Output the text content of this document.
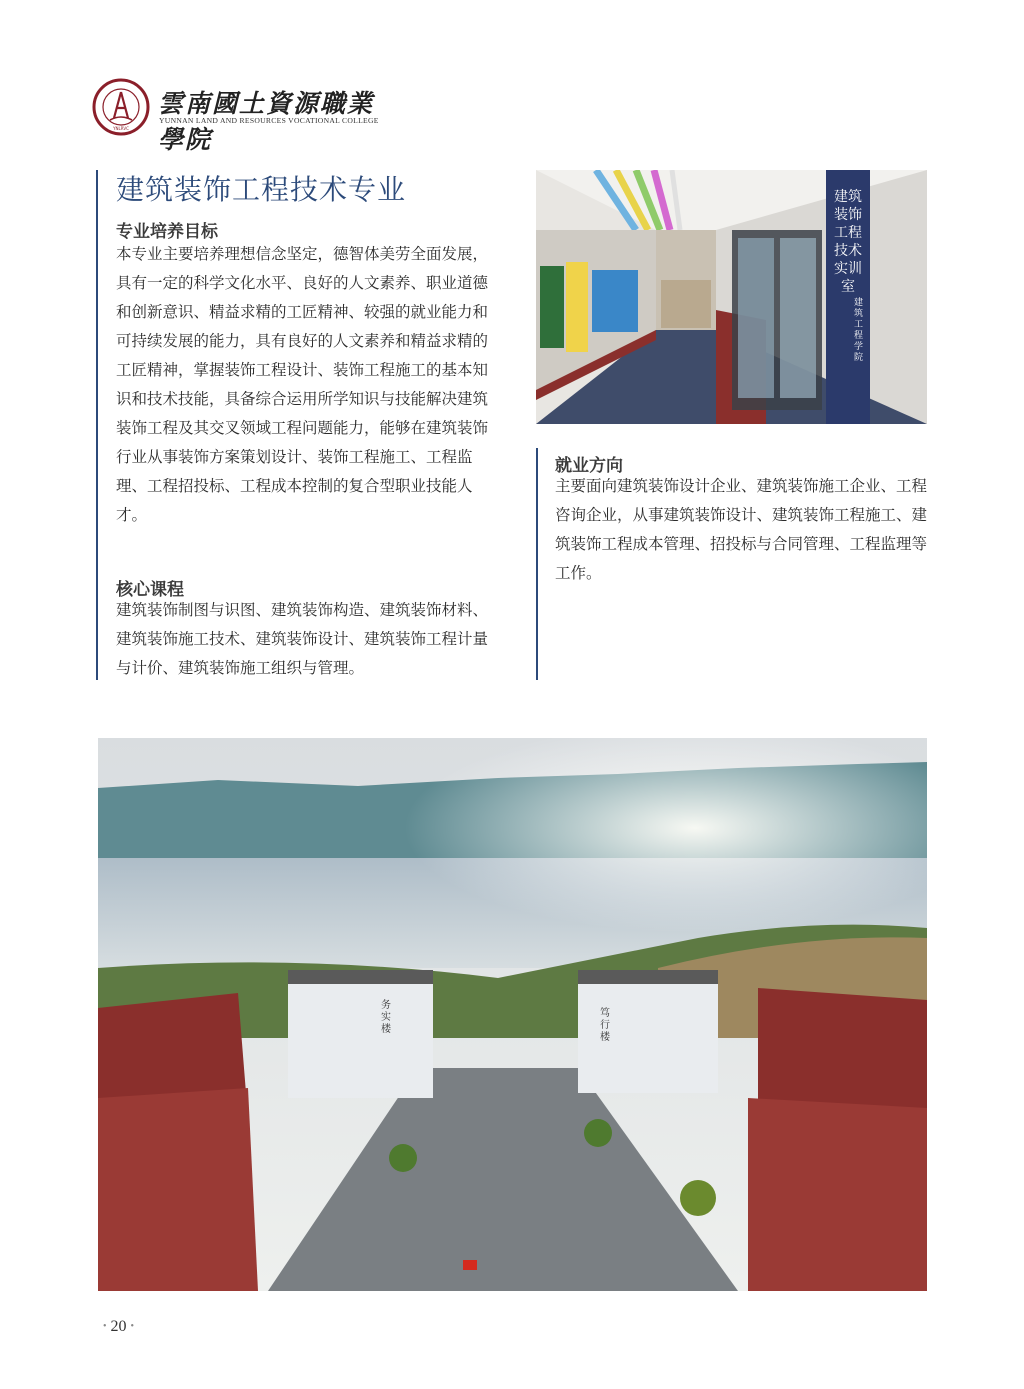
YNLRVC
雲南國土資源職業學院
YUNNAN LAND AND RESOURCES VOCATIONAL COLLEGE
建筑装饰工程技术专业
专业培养目标

本专业主要培养理想信念坚定，德智体美劳全面发展，具有一定的科学文化水平、良好的人文素养、职业道德和创新意识、精益求精的工匠精神、较强的就业能力和可持续发展的能力，具有良好的人文素养和精益求精的工匠精神，掌握装饰工程设计、装饰工程施工的基本知识和技术技能，具备综合运用所学知识与技能解决建筑装饰工程及其交叉领域工程问题能力，能够在建筑装饰行业从事装饰方案策划设计、装饰工程施工、工程监理、工程招投标、工程成本控制的复合型职业技能人才。

核心课程

建筑装饰制图与识图、建筑装饰构造、建筑装饰材料、建筑装饰施工技术、建筑装饰设计、建筑装饰工程计量与计价、建筑装饰施工组织与管理。

就业方向

主要面向建筑装饰设计企业、建筑装饰施工企业、工程咨询企业，从事建筑装饰设计、建筑装饰工程施工、建筑装饰工程成本管理、招投标与合同管理、工程监理等工作。

建筑装饰工程技术实训室
建筑工程学院
务实楼
笃行楼
• 20 •
